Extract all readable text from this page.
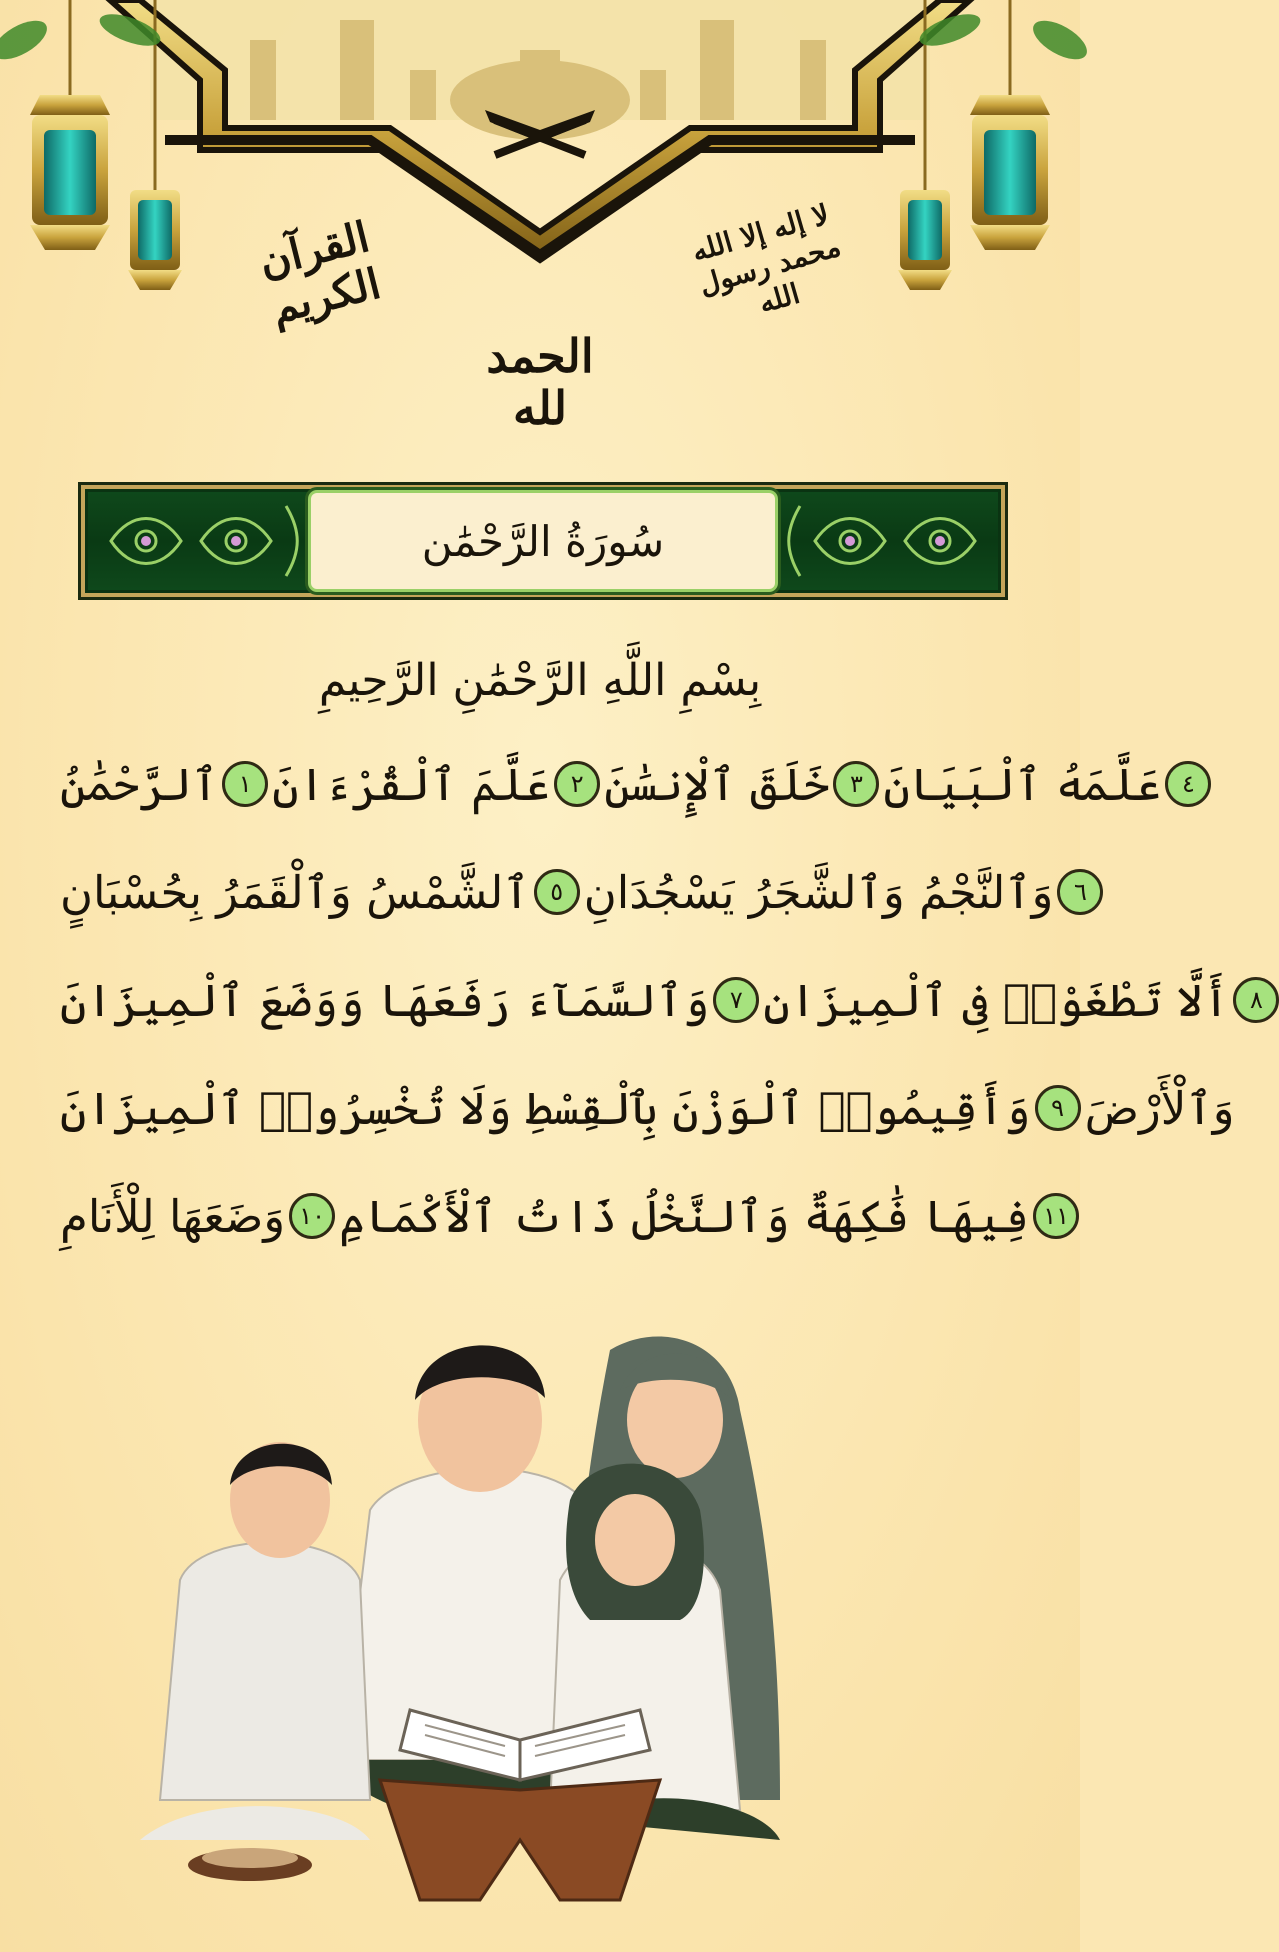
القرآن الكريم
لا إله إلا الله محمد رسول الله
الحمد لله
سُورَةُ الرَّحْمَٰن
بِسْمِ اللَّهِ الرَّحْمَٰنِ الرَّحِيمِ
ٱلرَّحْمَٰنُ ١ عَلَّمَ ٱلْقُرْءَانَ ٢ خَلَقَ ٱلْإِنسَٰنَ ٣ عَلَّمَهُ ٱلْبَيَانَ ٤
ٱلشَّمْسُ وَٱلْقَمَرُ بِحُسْبَانٍ ٥ وَٱلنَّجْمُ وَٱلشَّجَرُ يَسْجُدَانِ ٦
وَٱلسَّمَآءَ رَفَعَهَا وَوَضَعَ ٱلْمِيزَانَ ٧ أَلَّا تَطْغَوْا۟ فِى ٱلْمِيزَانِ ٨
وَأَقِيمُوا۟ ٱلْوَزْنَ بِٱلْقِسْطِ وَلَا تُخْسِرُوا۟ ٱلْمِيزَانَ ٩ وَٱلْأَرْضَ
وَضَعَهَا لِلْأَنَامِ ١٠ فِيهَا فَٰكِهَةٌ وَٱلنَّخْلُ ذَاتُ ٱلْأَكْمَامِ ١١
